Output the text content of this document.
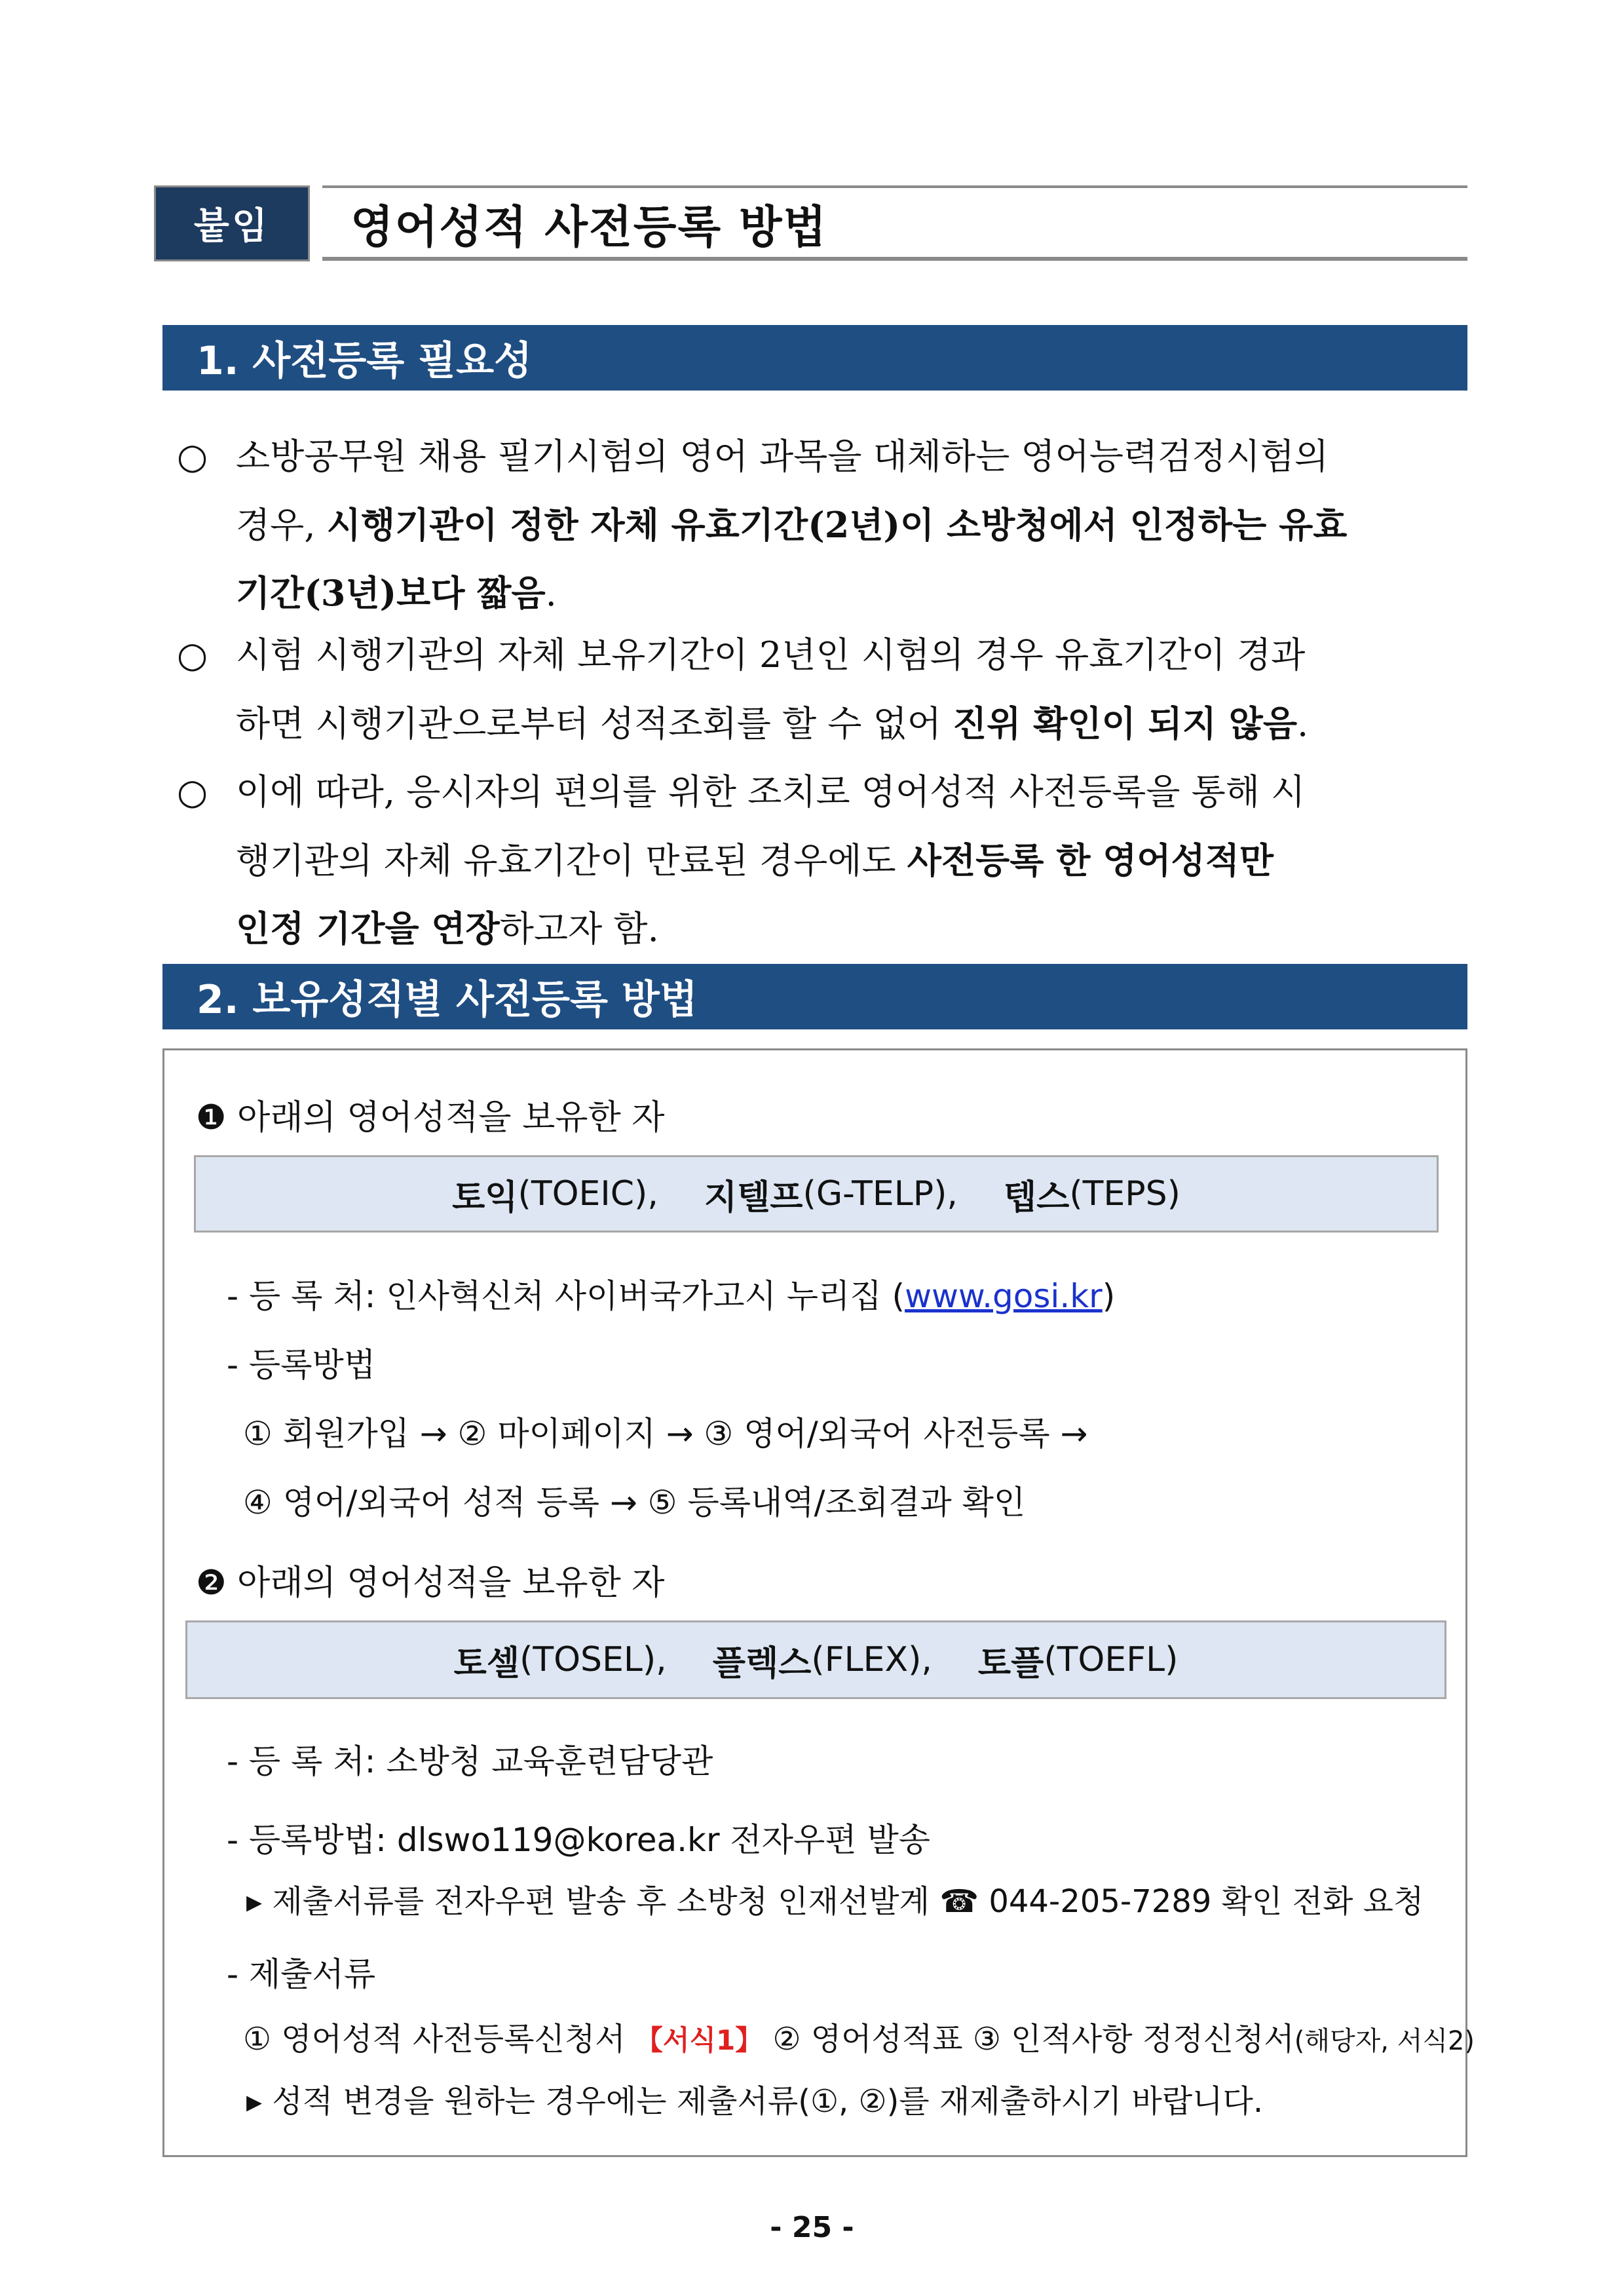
붙임	영어성적 사전등록 방법
1. 사전등록 필요성
○ 소방공무원 채용 필기시험의 영어 과목을 대체하는 영어능력검정시험의
경우, 시행기관이 정한 자체 유효기간(2년)이 소방청에서 인정하는 유효
기간(3년)보다 짧음.
○ 시험 시행기관의 자체 보유기간이 2년인 시험의 경우 유효기간이 경과
하면 시행기관으로부터 성적조회를 할 수 없어 진위 확인이 되지 않음.
○ 이에 따라, 응시자의 편의를 위한 조치로 영어성적 사전등록을 통해 시
행기관의 자체 유효기간이 만료된 경우에도 사전등록 한 영어성적만
인정 기간을 연장하고자 함.
2. 보유성적별 사전등록 방법
❶ 아래의 영어성적을 보유한 자
토익 (TOEIC), 지텔프 (G-TELP), 텝스 (TEPS)
- 등 록 처: 인사혁신처 사이버국가고시 누리집 (www.gosi.kr)
- 등록방법
① 회원가입 → ② 마이페이지 → ③ 영어/외국어 사전등록 →
④ 영어/외국어 성적 등록 → ⑤ 등록내역/조회결과 확인
❷ 아래의 영어성적을 보유한 자
토셀 (TOSEL), 플렉스 (FLEX), 토플 (TOEFL)
- 등 록 처: 소방청 교육훈련담당관
- 등록방법: dlswo119@korea.kr 전자우편 발송
▸ 제출서류를 전자우편 발송 후 소방청 인재선발계 ☎ 044-205-7289 확인 전화 요청
- 제출서류
① 영어성적 사전등록신청서 【서식1】 ② 영어성적표 ③ 인적사항 정정신청서(해당자, 서식2)
▸ 성적 변경을 원하는 경우에는 제출서류(①, ②)를 재제출하시기 바랍니다.
- 25 -
